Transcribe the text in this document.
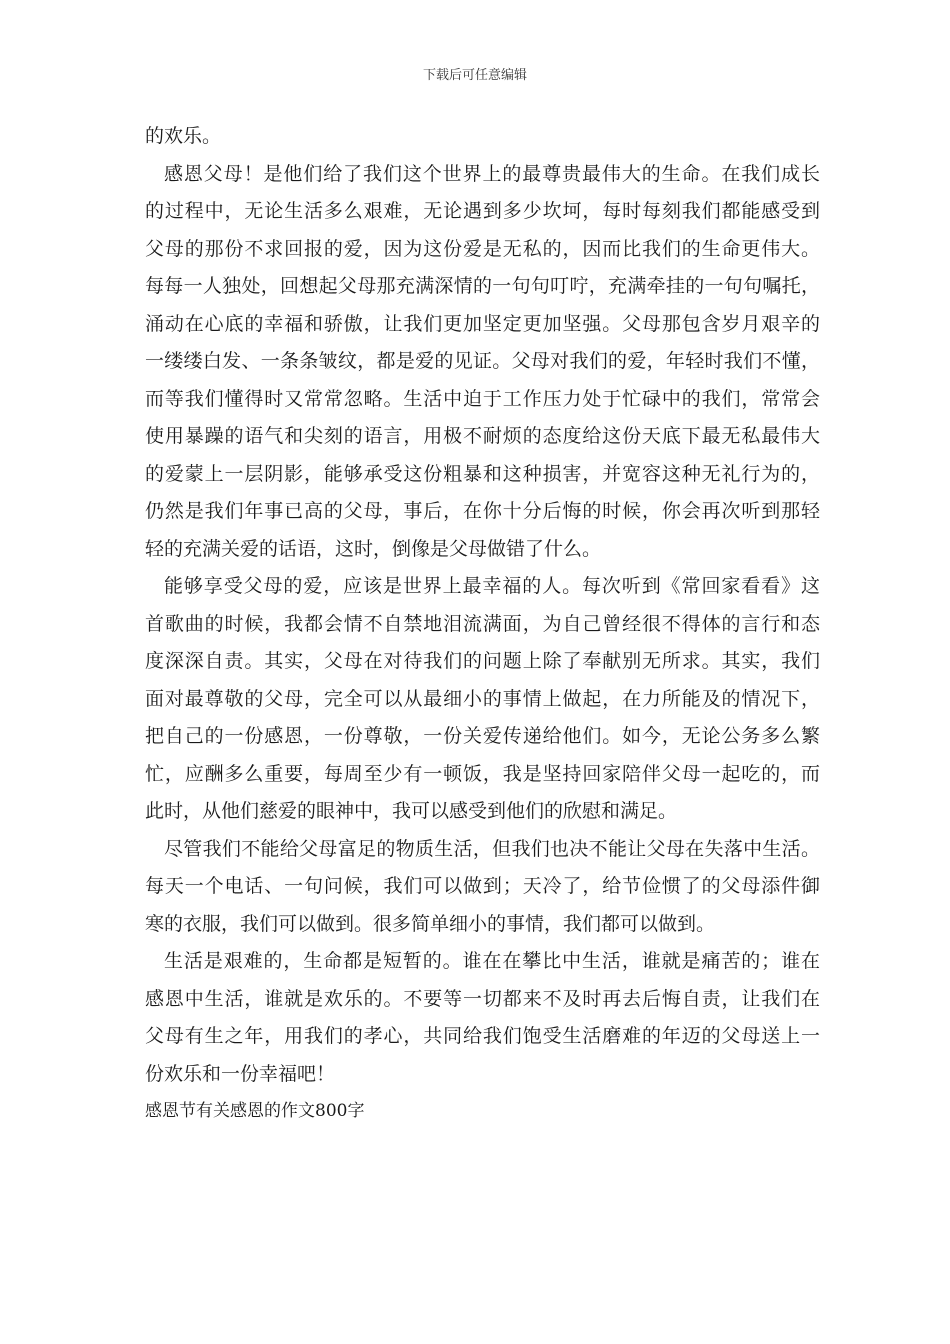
下载后可任意编辑
的欢乐。
感恩父母！是他们给了我们这个世界上的最尊贵最伟大的生命。在我们成长
的过程中，无论生活多么艰难，无论遇到多少坎坷，每时每刻我们都能感受到
父母的那份不求回报的爱，因为这份爱是无私的，因而比我们的生命更伟大。
每每一人独处，回想起父母那充满深情的一句句叮咛，充满牵挂的一句句嘱托，
涌动在心底的幸福和骄傲，让我们更加坚定更加坚强。父母那包含岁月艰辛的
一缕缕白发、一条条皱纹，都是爱的见证。父母对我们的爱，年轻时我们不懂，
而等我们懂得时又常常忽略。生活中迫于工作压力处于忙碌中的我们，常常会
使用暴躁的语气和尖刻的语言，用极不耐烦的态度给这份天底下最无私最伟大
的爱蒙上一层阴影，能够承受这份粗暴和这种损害，并宽容这种无礼行为的，
仍然是我们年事已高的父母，事后，在你十分后悔的时候，你会再次听到那轻
轻的充满关爱的话语，这时，倒像是父母做错了什么。
能够享受父母的爱，应该是世界上最幸福的人。每次听到《常回家看看》这
首歌曲的时候，我都会情不自禁地泪流满面，为自己曾经很不得体的言行和态
度深深自责。其实，父母在对待我们的问题上除了奉献别无所求。其实，我们
面对最尊敬的父母，完全可以从最细小的事情上做起，在力所能及的情况下，
把自己的一份感恩，一份尊敬，一份关爱传递给他们。如今，无论公务多么繁
忙，应酬多么重要，每周至少有一顿饭，我是坚持回家陪伴父母一起吃的，而
此时，从他们慈爱的眼神中，我可以感受到他们的欣慰和满足。
尽管我们不能给父母富足的物质生活，但我们也决不能让父母在失落中生活。
每天一个电话、一句问候，我们可以做到；天冷了，给节俭惯了的父母添件御
寒的衣服，我们可以做到。很多简单细小的事情，我们都可以做到。
生活是艰难的，生命都是短暂的。谁在在攀比中生活，谁就是痛苦的；谁在
感恩中生活，谁就是欢乐的。不要等一切都来不及时再去后悔自责，让我们在
父母有生之年，用我们的孝心，共同给我们饱受生活磨难的年迈的父母送上一
份欢乐和一份幸福吧！
感恩节有关感恩的作文800字
